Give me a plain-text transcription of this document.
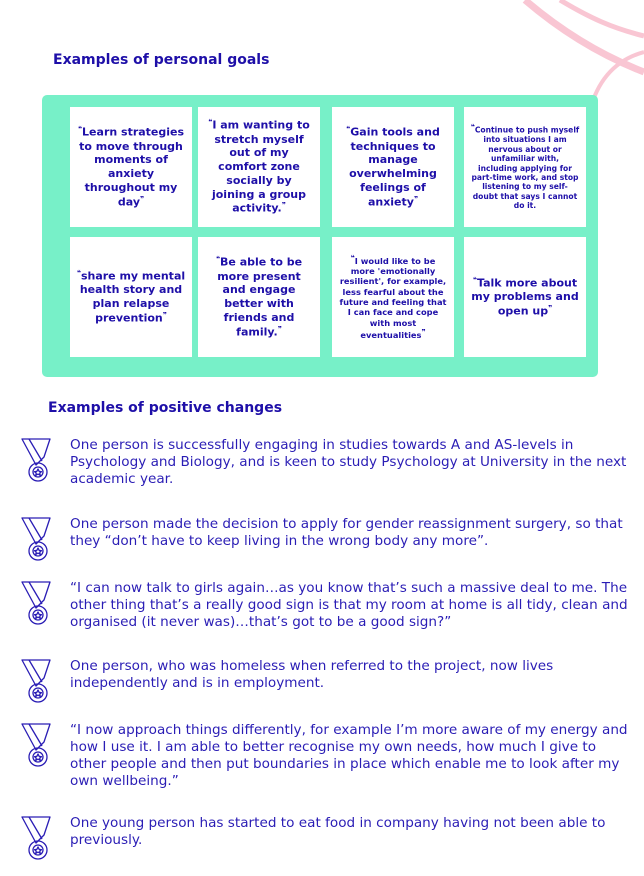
Examples of personal goals
❝Learn strategies to move through moments of anxiety throughout my day❞
❝I am wanting to stretch myself out of my comfort zone socially by joining a group activity.❞
❝Gain tools and techniques to manage overwhelming feelings of anxiety❞
❝Continue to push myself into situations I am nervous about or unfamiliar with, including applying for part-time work, and stop listening to my self-doubt that says I cannot do it.
❝share my mental health story and plan relapse prevention❞
❝Be able to be more present and engage better with friends and family.❞
❝I would like to be more 'emotionally resilient', for example, less fearful about the future and feeling that I can face and cope with most eventualities❞
❝Talk more about my problems and open up❞
Examples of positive changes

One person is successfully engaging in studies towards A and AS-levels in Psychology and Biology, and is keen to study Psychology at University in the next academic year.

One person made the decision to apply for gender reassignment surgery, so that they “don’t have to keep living in the wrong body any more”.

“I can now talk to girls again…as you know that’s such a massive deal to me. The other thing that’s a really good sign is that my room at home is all tidy, clean and organised (it never was)…that’s got to be a good sign?”

One person, who was homeless when referred to the project, now lives independently and is in employment.

“I now approach things differently, for example I’m more aware of my energy and how I use it. I am able to better recognise my own needs, how much I give to other people and then put boundaries in place which enable me to look after my own wellbeing.”

One young person has started to eat food in company having not been able to previously.
